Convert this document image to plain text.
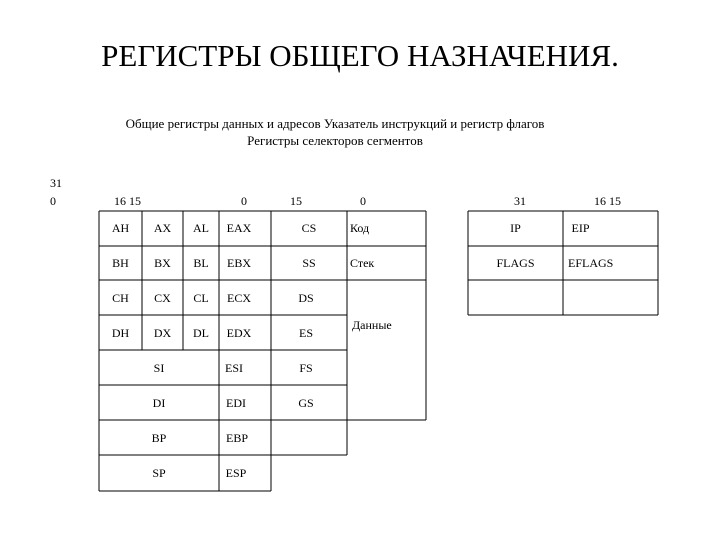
РЕГИСТРЫ ОБЩЕГО НАЗНАЧЕНИЯ.
Общие регистры данных и адресов Указатель инструкций и регистр флагов
Регистры селекторов сегментов
31
0	16 15	0	15	0	31	16 15
AH	AX	AL	EAX	CS	Код	IP	EIP
BH	BX	BL	EBX	SS	Стек	FLAGS	EFLAGS
CH	CX	CL	ECX	DS
DH	DX	DL	EDX	ES
Данные
SI	ESI	FS
DI	EDI	GS
BP	EBP
SP	ESP
